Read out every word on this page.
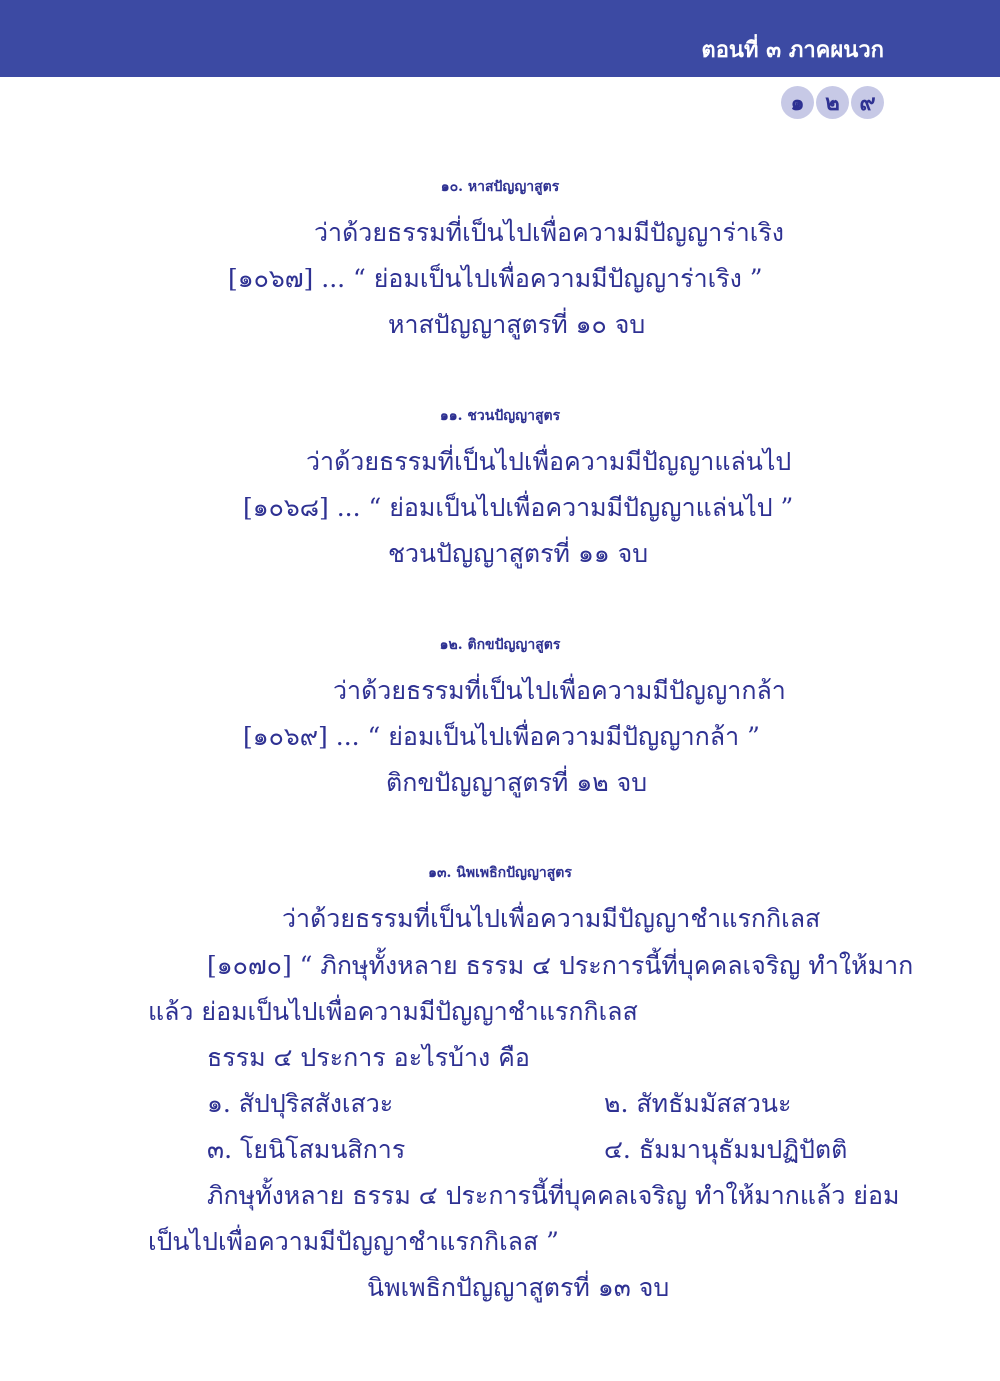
ตอนที่ ๓ ภาคผนวก
๑ ๒ ๙
๑๐. หาสปัญญาสูตร
ว่าด้วยธรรมที่เป็นไปเพื่อความมีปัญญาร่าเริง
[๑๐๖๗] ... “ ย่อมเป็นไปเพื่อความมีปัญญาร่าเริง ”
หาสปัญญาสูตรที่ ๑๐ จบ
๑๑. ชวนปัญญาสูตร
ว่าด้วยธรรมที่เป็นไปเพื่อความมีปัญญาแล่นไป
[๑๐๖๘] ... “ ย่อมเป็นไปเพื่อความมีปัญญาแล่นไป ”
ชวนปัญญาสูตรที่ ๑๑ จบ
๑๒. ติกขปัญญาสูตร
ว่าด้วยธรรมที่เป็นไปเพื่อความมีปัญญากล้า
[๑๐๖๙] ... “ ย่อมเป็นไปเพื่อความมีปัญญากล้า ”
ติกขปัญญาสูตรที่ ๑๒ จบ
๑๓. นิพเพธิกปัญญาสูตร
ว่าด้วยธรรมที่เป็นไปเพื่อความมีปัญญาชำแรกกิเลส
[๑๐๗๐] “ ภิกษุทั้งหลาย ธรรม ๔ ประการนี้ที่บุคคลเจริญ ทำให้มาก
แล้ว ย่อมเป็นไปเพื่อความมีปัญญาชำแรกกิเลส
ธรรม ๔ ประการ อะไรบ้าง คือ
๑. สัปปุริสสังเสวะ	๒. สัทธัมมัสสวนะ
๓. โยนิโสมนสิการ	๔. ธัมมานุธัมมปฏิปัตติ
ภิกษุทั้งหลาย ธรรม ๔ ประการนี้ที่บุคคลเจริญ ทำให้มากแล้ว ย่อม
เป็นไปเพื่อความมีปัญญาชำแรกกิเลส ”
นิพเพธิกปัญญาสูตรที่ ๑๓ จบ
